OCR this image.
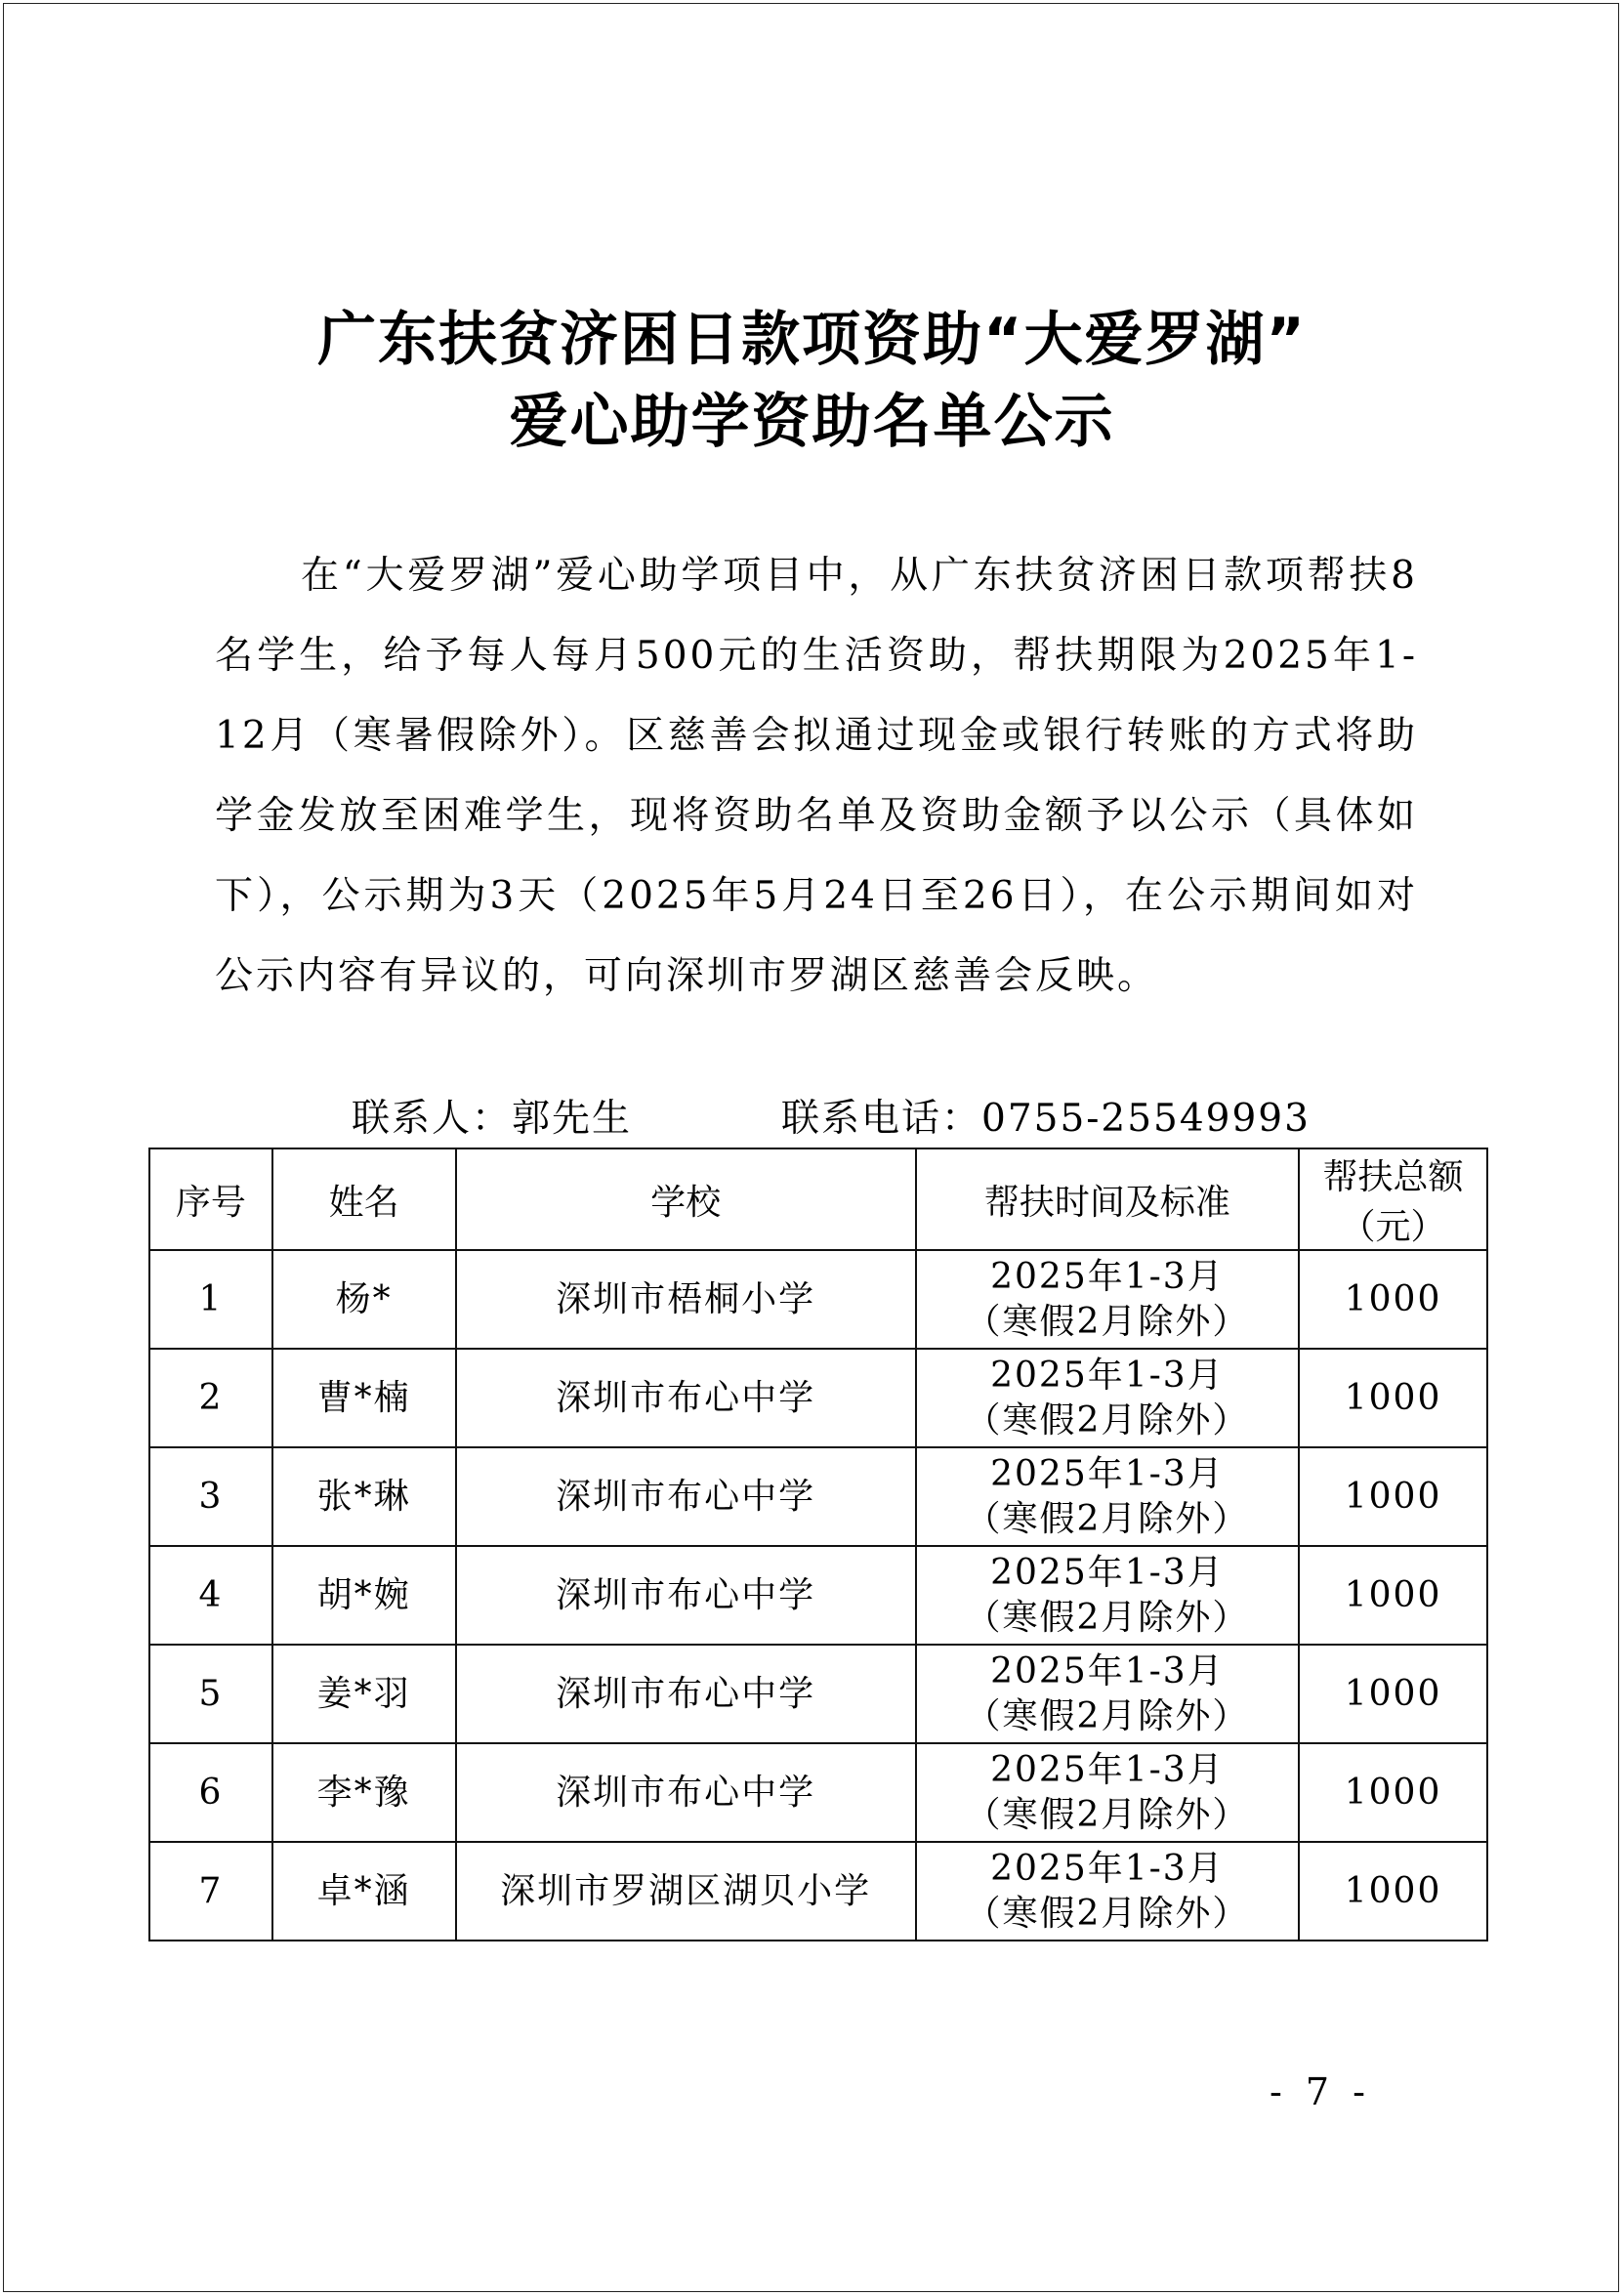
广东扶贫济困日款项资助“大爱罗湖”
爱心助学资助名单公示
在“大爱罗湖”爱心助学项目中，从广东扶贫济困日款项帮扶8名学生，给予每人每月500元的生活资助，帮扶期限为2025年1-12月（寒暑假除外）。区慈善会拟通过现金或银行转账的方式将助学金发放至困难学生，现将资助名单及资助金额予以公示（具体如下），公示期为3天（2025年5月24日至26日），在公示期间如对公示内容有异议的，可向深圳市罗湖区慈善会反映。
联系人：郭先生	联系电话：0755-25549993
序号	姓名	学校	帮扶时间及标准	帮扶总额
（元）

1	杨*	深圳市梧桐小学	2025年1-3月
（寒假2月除外）	1000
2	曹*楠	深圳市布心中学	2025年1-3月
（寒假2月除外）	1000
3	张*琳	深圳市布心中学	2025年1-3月
（寒假2月除外）	1000
4	胡*婉	深圳市布心中学	2025年1-3月
（寒假2月除外）	1000
5	姜*羽	深圳市布心中学	2025年1-3月
（寒假2月除外）	1000
6	李*豫	深圳市布心中学	2025年1-3月
（寒假2月除外）	1000
7	卓*涵	深圳市罗湖区湖贝小学	2025年1-3月
（寒假2月除外）	1000
- 7 -
